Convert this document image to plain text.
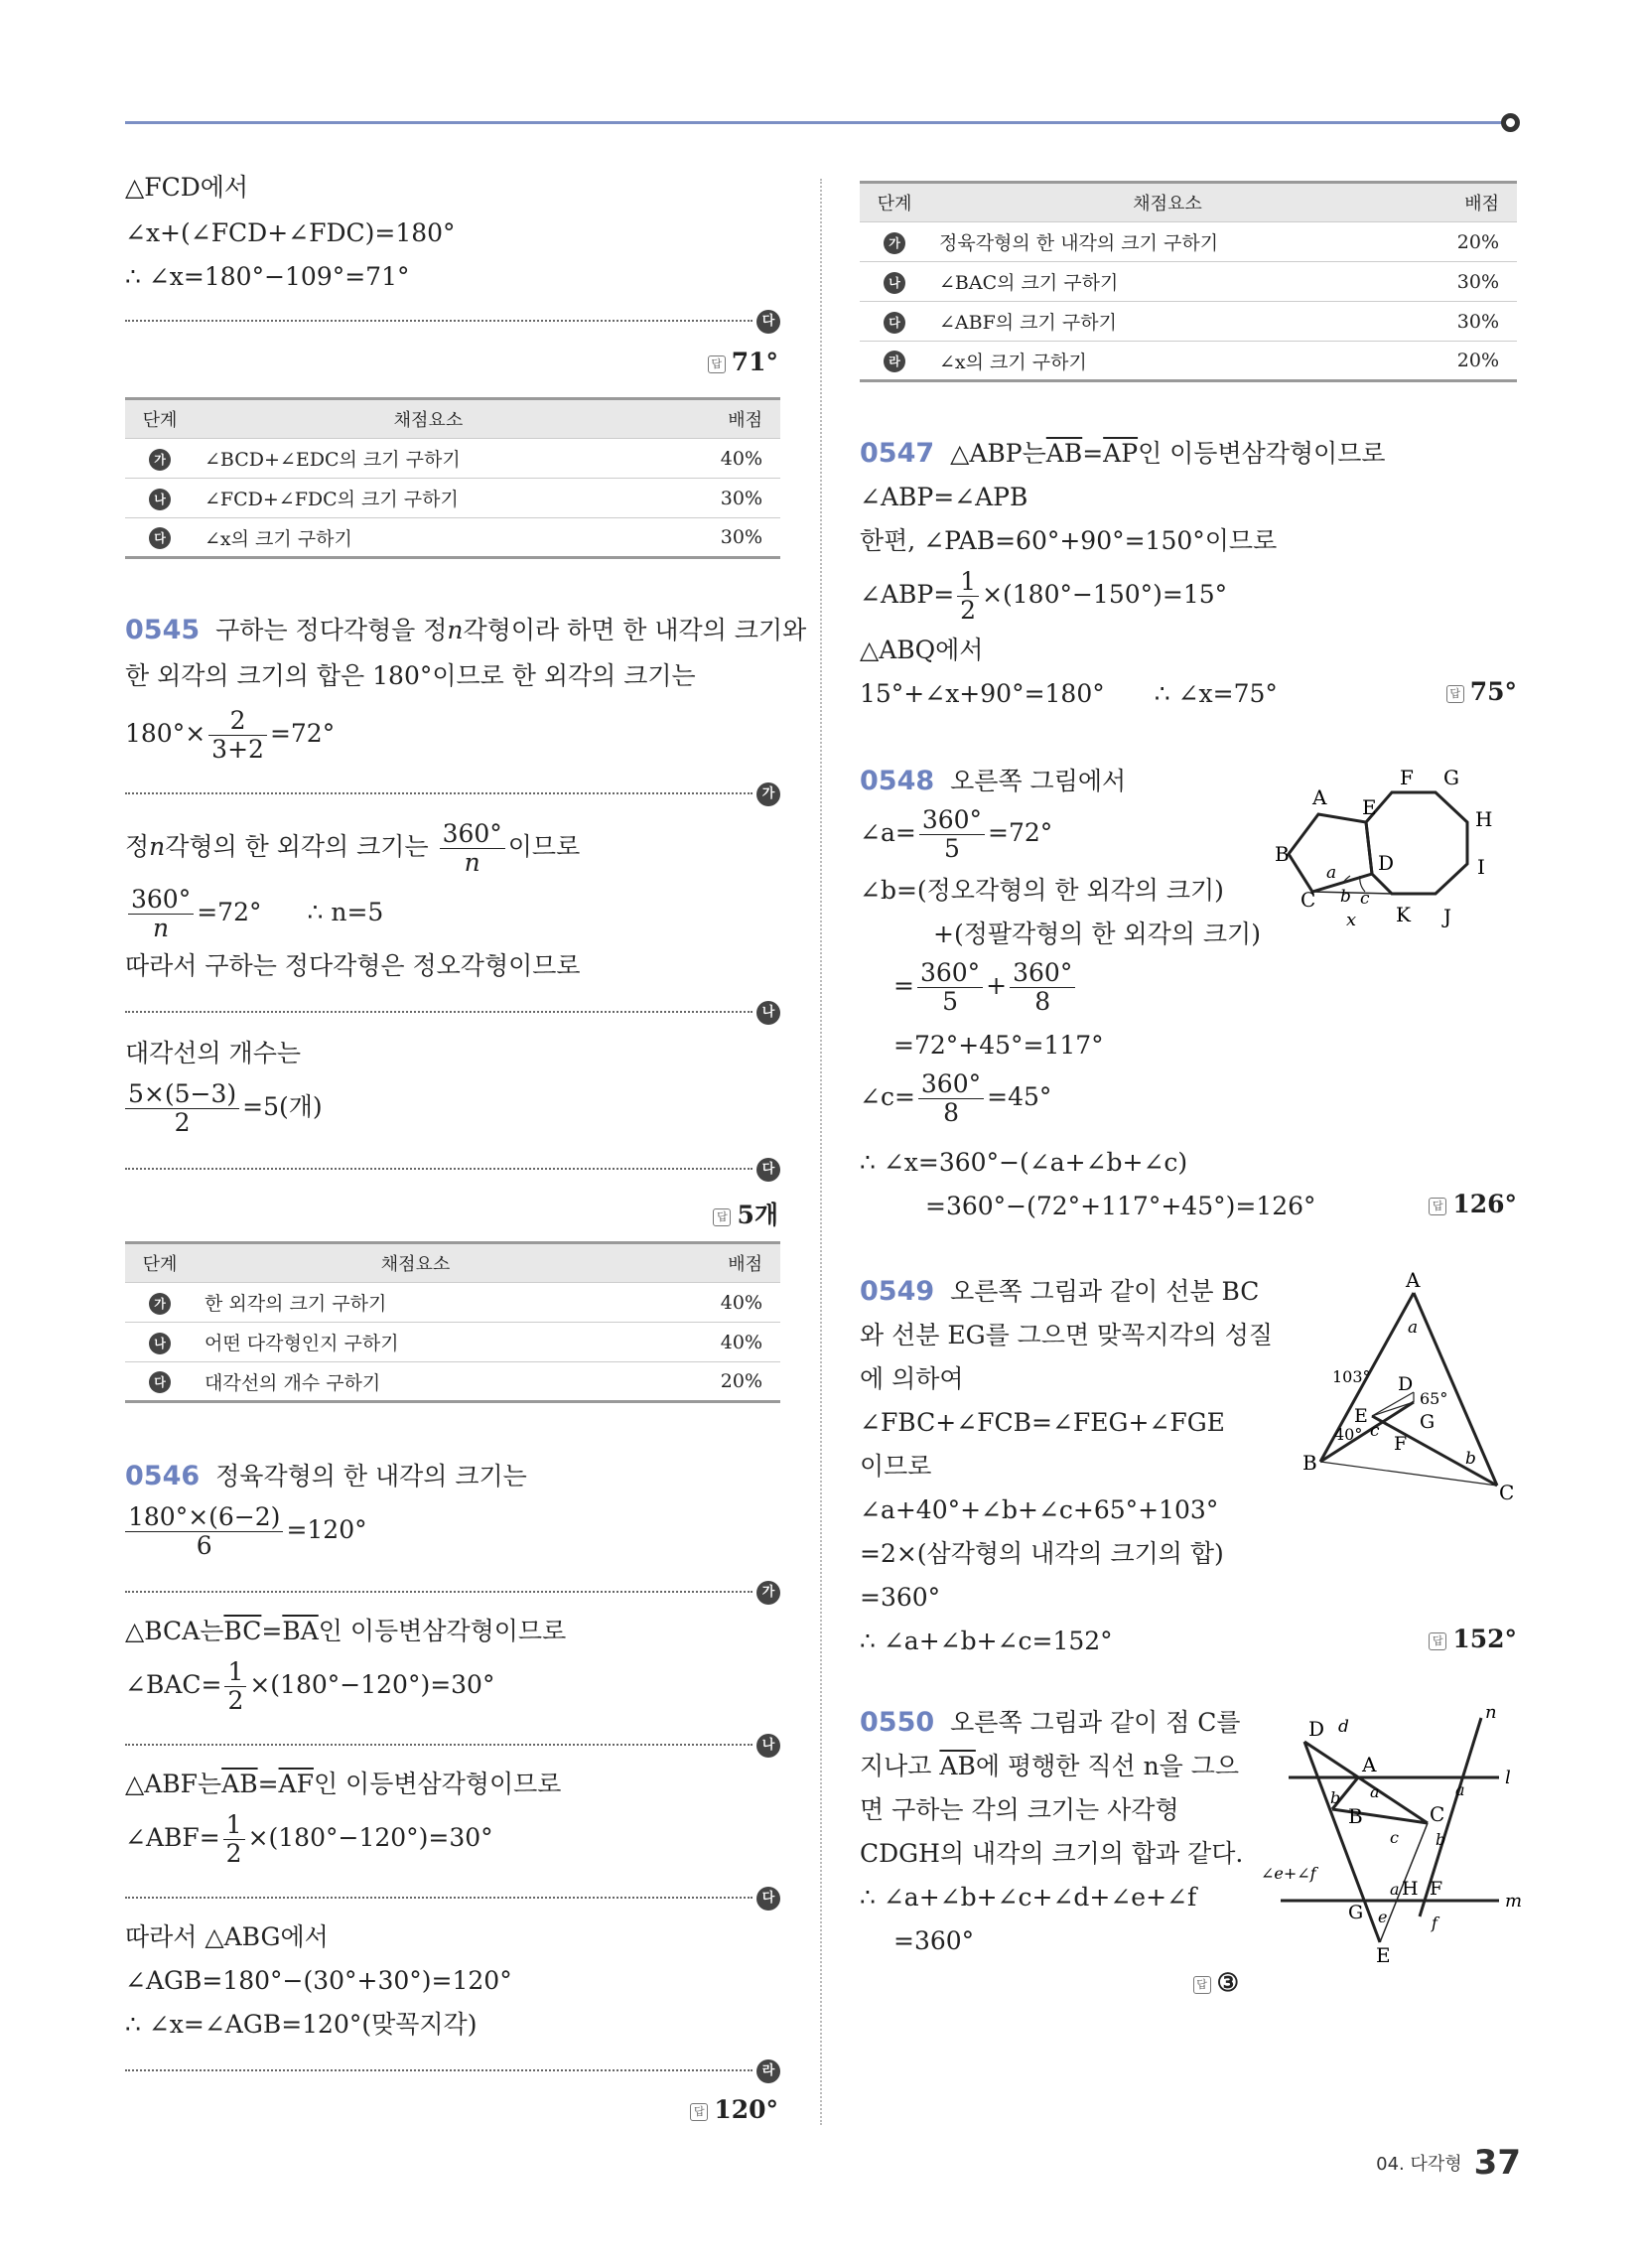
△FCD에서
∠x+(∠FCD+∠FDC)=180°
∴ ∠x=180°−109°=71°
다
답 71°
단계	채점요소	배점
가	∠BCD+∠EDC의 크기 구하기	40%
나	∠FCD+∠FDC의 크기 구하기	30%
다	∠x의 크기 구하기	30%
0545 구하는 정다각형을 정n각형이라 하면 한 내각의 크기와
한 외각의 크기의 합은 180°이므로 한 외각의 크기는
$180^\circ\times \frac{2}{3+2} =72^\circ$
가
정n각형의 한 외각의 크기는 $\frac{360^\circ}{n}$ 이므로
$\frac{360^\circ}{n} =72^\circ$ ∴ n=5
따라서 구하는 정다각형은 정오각형이므로
나
대각선의 개수는
$\frac{5\times(5-3)}{2} =5$(개)
다
답 5개
단계	채점요소	배점
가	한 외각의 크기 구하기	40%
나	어떤 다각형인지 구하기	40%
다	대각선의 개수 구하기	20%
0546 정육각형의 한 내각의 크기는
$\frac{180^\circ\times(6-2)}{6} =120^\circ$
가
△BCA는$\overline{BC}=\overline{BA}$인 이등변삼각형이므로
∠BAC= $\frac{1}{2} \times(180^\circ-120^\circ)=30^\circ$
나
△ABF는$\overline{AB}=\overline{AF}$인 이등변삼각형이므로
∠ABF= $\frac{1}{2} \times(180^\circ-120^\circ)=30^\circ$
다
따라서 △ABG에서
∠AGB=180°−(30°+30°)=120°
∴ ∠x=∠AGB=120°(맞꼭지각)
라
답 120°
단계	채점요소	배점
가	정육각형의 한 내각의 크기 구하기	20%
나	∠BAC의 크기 구하기	30%
다	∠ABF의 크기 구하기	30%
라	∠x의 크기 구하기	20%
0547 △ABP는$\overline{AB}=\overline{AP}$인 이등변삼각형이므로
∠ABP=∠APB
한편, ∠PAB=60°+90°=150°이므로
∠ABP= $\frac{1}{2} \times(180^\circ-150^\circ)=15^\circ$
△ABQ에서
15°+∠x+90°=180° ∴ ∠x=75°	답 75°
0548 오른쪽 그림에서
∠a= $\frac{360^\circ}{5} =72^\circ$
∠b=(정오각형의 한 외각의 크기)
+(정팔각형의 한 외각의 크기)
= $\frac{360^\circ}{5} + \frac{360^\circ}{8}$
=72°+45°=117°
∠c= $\frac{360^\circ}{8} =45^\circ$
∴ ∠x=360°−(∠a+∠b+∠c)
=360°−(72°+117°+45°)=126°	답 126°
A
B
C
D
E
F G
H
I
J
K
a
b c
x
0549 오른쪽 그림과 같이 선분 BC
와 선분 EG를 그으면 맞꼭지각의 성질
에 의하여
∠FBC+∠FCB=∠FEG+∠FGE
이므로
∠a+40°+∠b+∠c+65°+103°
=2×(삼각형의 내각의 크기의 합)
=360°
∴ ∠a+∠b+∠c=152°	답 152°
A
a
103° D
65°
E	G
40° c
F
b
B
C
0550 오른쪽 그림과 같이 점 C를
지나고 $\overline{AB}$에 평행한 직선 n을 그으
면 구하는 각의 크기는 사각형
CDGH의 내각의 크기의 합과 같다.
∴ ∠a+∠b+∠c+∠d+∠e+∠f
=360°
답 ③
D d
A
n
l
a	a
B
b
C
c b
∠e+∠f
a H F
m
G e	f
E
04. 다각형 37
